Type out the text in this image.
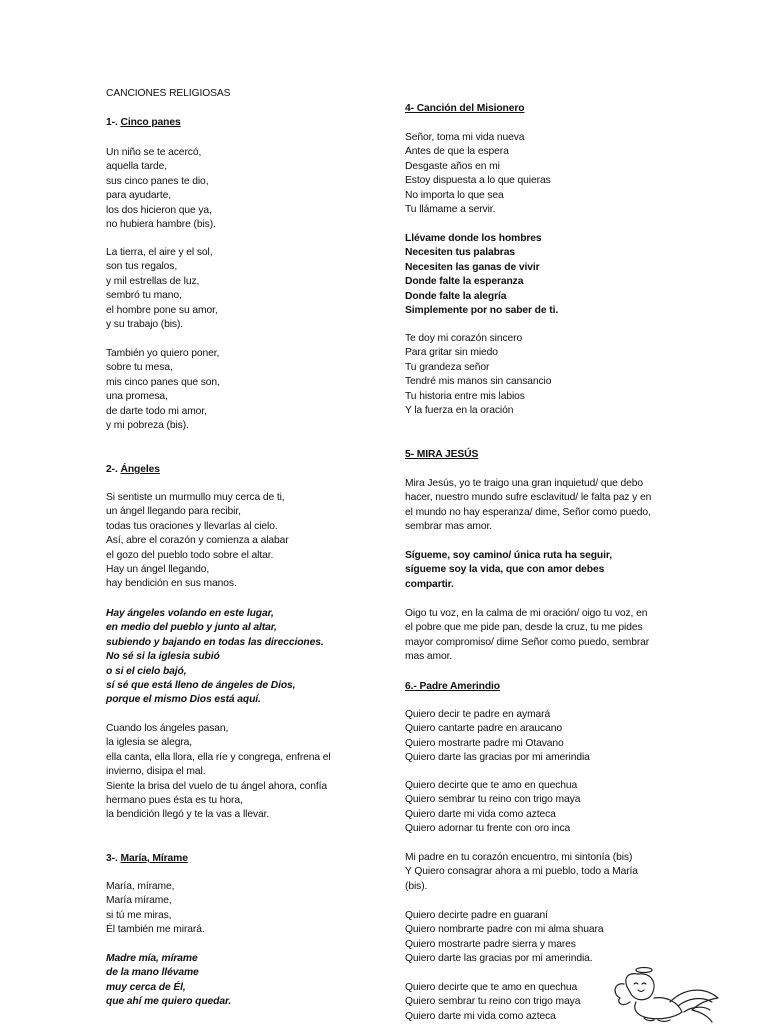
CANCIONES RELIGIOSAS
1-. Cinco panes
Un niño se te acercó,
aquella tarde,
sus cinco panes te dio,
para ayudarte,
los dos hicieron que ya,
no hubiera hambre (bis).
La tierra, el aire y el sol,
son tus regalos,
y mil estrellas de luz,
sembró tu mano,
el hombre pone su amor,
y su trabajo (bis).
También yo quiero poner,
sobre tu mesa,
mis cinco panes que son,
una promesa,
de darte todo mi amor,
y mi pobreza (bis).
2-. Ángeles
Si sentiste un murmullo muy cerca de ti,
un ángel llegando para recibir,
todas tus oraciones y llevarlas al cielo.
Así, abre el corazón y comienza a alabar
el gozo del pueblo todo sobre el altar.
Hay un ángel llegando,
hay bendición en sus manos.
Hay ángeles volando en este lugar,
en medio del pueblo y junto al altar,
subiendo y bajando en todas las direcciones.
No sé si la iglesia subió
o si el cielo bajó,
sí sé que está lleno de ángeles de Dios,
porque el mismo Dios está aquí.
Cuando los ángeles pasan,
la iglesia se alegra,
ella canta, ella llora, ella ríe y congrega, enfrena el
invierno, disipa el mal.
Siente la brisa del vuelo de tu ángel ahora, confía
hermano pues ésta es tu hora,
la bendición llegó y te la vas a llevar.
3-. María, Mírame
María, mírame,
María mírame,
si tú me miras,
Él también me mirará.
Madre mía, mírame
de la mano llévame
muy cerca de Él,
que ahí me quiero quedar.
4- Canción del Misionero
Señor, toma mi vida nueva
Antes de que la espera
Desgaste años en mi
Estoy dispuesta a lo que quieras
No importa lo que sea
Tu llámame a servir.
Llévame donde los hombres
Necesiten tus palabras
Necesiten las ganas de vivir
Donde falte la esperanza
Donde falte la alegría
Simplemente por no saber de ti.
Te doy mi corazón sincero
Para gritar sin miedo
Tu grandeza señor
Tendré mis manos sin cansancio
Tu historia entre mis labios
Y la fuerza en la oración
5- MIRA JESÚS
Mira Jesús, yo te traigo una gran inquietud/ que debo
hacer, nuestro mundo sufre esclavitud/ le falta paz y en
el mundo no hay esperanza/ dime, Señor como puedo,
sembrar mas amor.
Sígueme, soy camino/ única ruta ha seguir,
sígueme soy la vida, que con amor debes
compartir.
Oigo tu voz, en la calma de mi oración/ oigo tu voz, en
el pobre que me pide pan, desde la cruz, tu me pides
mayor compromiso/ dime Señor como puedo, sembrar
mas amor.
6.- Padre Amerindio
Quiero decir te padre en aymará
Quiero cantarte padre en araucano
Quiero mostrarte padre mi Otavano
Quiero darte las gracias por mi amerindia
Quiero decirte que te amo en quechua
Quiero sembrar tu reino con trigo maya
Quiero darte mi vida como azteca
Quiero adornar tu frente con oro inca
Mi padre en tu corazón encuentro, mi sintonía (bis)
Y Quiero consagrar ahora a mi pueblo, todo a María
(bis).
Quiero decirte padre en guaraní
Quiero nombrarte padre con mi alma shuara
Quiero mostrarte padre sierra y mares
Quiero darte las gracias por mi amerindia.
Quiero decirte que te amo en quechua
Quiero sembrar tu reino con trigo maya
Quiero darte mi vida como azteca
